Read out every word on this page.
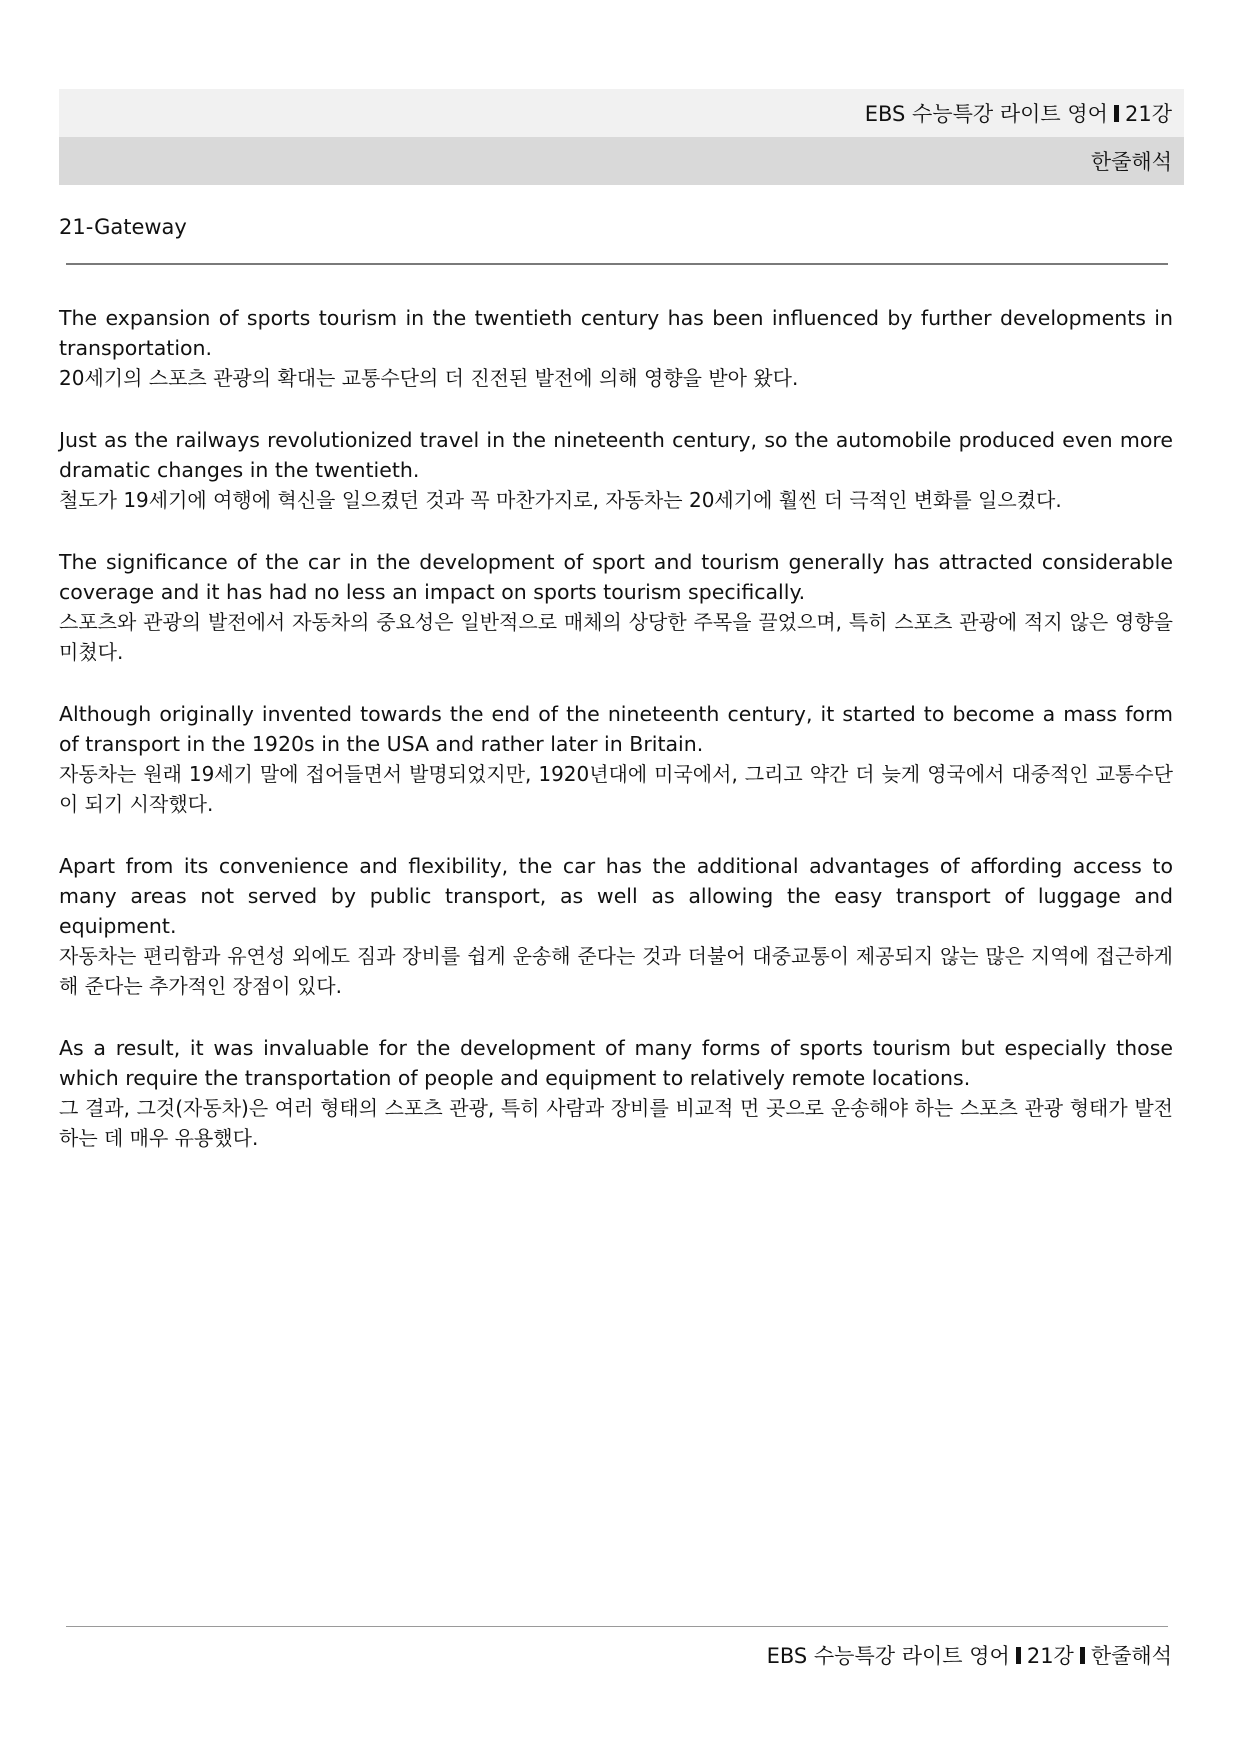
EBS 수능특강 라이트 영어 21강
한줄해석
21-Gateway

The expansion of sports tourism in the twentieth century has been influenced by further developments in transportation.

20세기의 스포츠 관광의 확대는 교통수단의 더 진전된 발전에 의해 영향을 받아 왔다.

Just as the railways revolutionized travel in the nineteenth century, so the automobile produced even more dramatic changes in the twentieth.

철도가 19세기에 여행에 혁신을 일으켰던 것과 꼭 마찬가지로, 자동차는 20세기에 훨씬 더 극적인 변화를 일으켰다.

The significance of the car in the development of sport and tourism generally has attracted considerable coverage and it has had no less an impact on sports tourism specifically.

스포츠와 관광의 발전에서 자동차의 중요성은 일반적으로 매체의 상당한 주목을 끌었으며, 특히 스포츠 관광에 적지 않은 영향을 미쳤다.

Although originally invented towards the end of the nineteenth century, it started to become a mass form of transport in the 1920s in the USA and rather later in Britain.

자동차는 원래 19세기 말에 접어들면서 발명되었지만, 1920년대에 미국에서, 그리고 약간 더 늦게 영국에서 대중적인 교통수단이 되기 시작했다.

Apart from its convenience and flexibility, the car has the additional advantages of affording access to many areas not served by public transport, as well as allowing the easy transport of luggage and equipment.

자동차는 편리함과 유연성 외에도 짐과 장비를 쉽게 운송해 준다는 것과 더불어 대중교통이 제공되지 않는 많은 지역에 접근하게 해 준다는 추가적인 장점이 있다.

As a result, it was invaluable for the development of many forms of sports tourism but especially those which require the transportation of people and equipment to relatively remote locations.

그 결과, 그것(자동차)은 여러 형태의 스포츠 관광, 특히 사람과 장비를 비교적 먼 곳으로 운송해야 하는 스포츠 관광 형태가 발전하는 데 매우 유용했다.

EBS 수능특강 라이트 영어 21강 한줄해석
